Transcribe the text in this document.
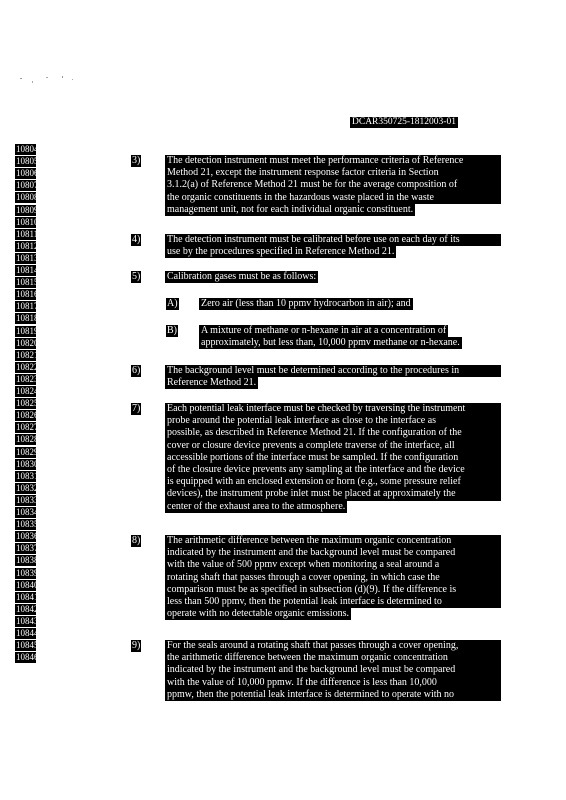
DCAR350725-1812003-01
10804
10805
10806
10807
10808
10809
10810
10811
10812
10813
10814
10815
10816
10817
10818
10819
10820
10821
10822
10823
10824
10825
10826
10827
10828
10829
10830
10831
10832
10833
10834
10835
10836
10837
10838
10839
10840
10841
10842
10843
10844
10845
10846
3)	The detection instrument must meet the performance criteria of Reference
Method 21, except the instrument response factor criteria in Section
3.1.2(a) of Reference Method 21 must be for the average composition of
the organic constituents in the hazardous waste placed in the waste
management unit, not for each individual organic constituent.
4)	The detection instrument must be calibrated before use on each day of its
use by the procedures specified in Reference Method 21.
5)	Calibration gases must be as follows:
A) Zero air (less than 10 ppmv hydrocarbon in air); and
B) A mixture of methane or n-hexane in air at a concentration of
approximately, but less than, 10,000 ppmv methane or n-hexane.
6)	The background level must be determined according to the procedures in
Reference Method 21.
7)	Each potential leak interface must be checked by traversing the instrument
probe around the potential leak interface as close to the interface as
possible, as described in Reference Method 21. If the configuration of the
cover or closure device prevents a complete traverse of the interface, all
accessible portions of the interface must be sampled. If the configuration
of the closure device prevents any sampling at the interface and the device
is equipped with an enclosed extension or horn (e.g., some pressure relief
devices), the instrument probe inlet must be placed at approximately the
center of the exhaust area to the atmosphere.
8)	The arithmetic difference between the maximum organic concentration
indicated by the instrument and the background level must be compared
with the value of 500 ppmv except when monitoring a seal around a
rotating shaft that passes through a cover opening, in which case the
comparison must be as specified in subsection (d)(9). If the difference is
less than 500 ppmv, then the potential leak interface is determined to
operate with no detectable organic emissions.
9)	For the seals around a rotating shaft that passes through a cover opening,
the arithmetic difference between the maximum organic concentration
indicated by the instrument and the background level must be compared
with the value of 10,000 ppmw. If the difference is less than 10,000
ppmw, then the potential leak interface is determined to operate with no
